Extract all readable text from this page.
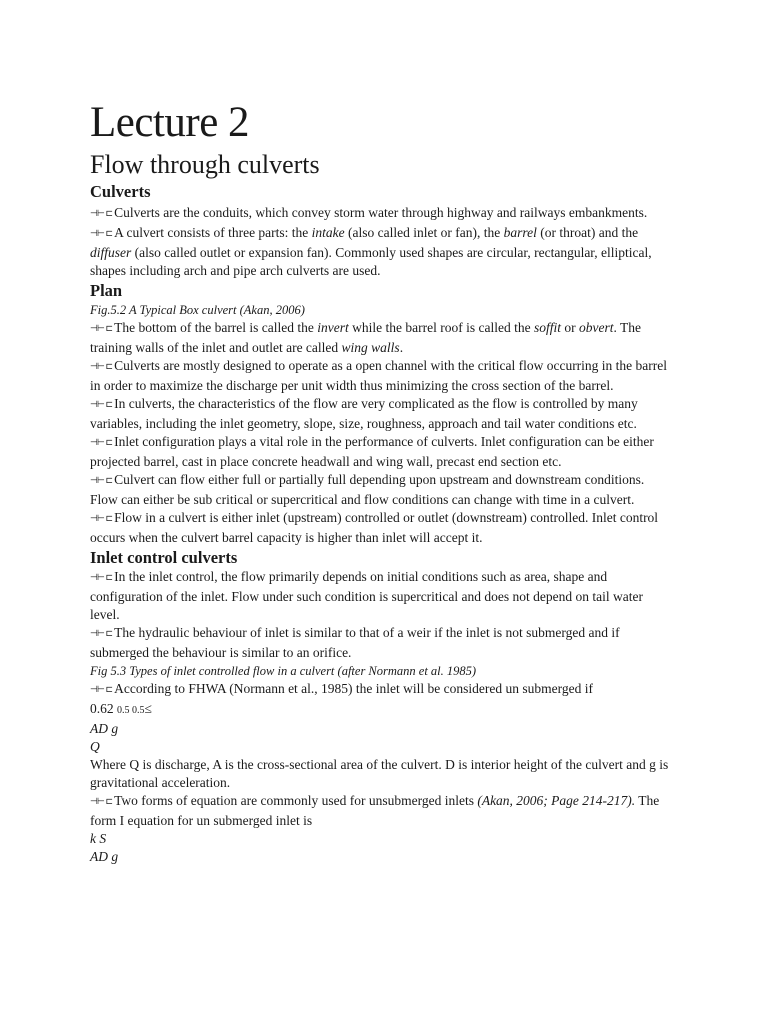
Lecture 2
Flow through culverts
Culverts

⊣⊢ ⊏ Culverts are the conduits, which convey storm water through highway and railways embankments.

⊣⊢ ⊏ A culvert consists of three parts: the intake (also called inlet or fan), the barrel (or throat) and the diffuser (also called outlet or expansion fan). Commonly used shapes are circular, rectangular, elliptical, shapes including arch and pipe arch culverts are used.

Plan

Fig.5.2 A Typical Box culvert (Akan, 2006)

⊣⊢ ⊏ The bottom of the barrel is called the invert while the barrel roof is called the soffit or obvert. The training walls of the inlet and outlet are called wing walls.

⊣⊢ ⊏ Culverts are mostly designed to operate as a open channel with the critical flow occurring in the barrel in order to maximize the discharge per unit width thus minimizing the cross section of the barrel.

⊣⊢ ⊏ In culverts, the characteristics of the flow are very complicated as the flow is controlled by many variables, including the inlet geometry, slope, size, roughness, approach and tail water conditions etc.

⊣⊢ ⊏ Inlet configuration plays a vital role in the performance of culverts. Inlet configuration can be either projected barrel, cast in place concrete headwall and wing wall, precast end section etc.

⊣⊢ ⊏ Culvert can flow either full or partially full depending upon upstream and downstream conditions. Flow can either be sub critical or supercritical and flow conditions can change with time in a culvert.

⊣⊢ ⊏ Flow in a culvert is either inlet (upstream) controlled or outlet (downstream) controlled. Inlet control occurs when the culvert barrel capacity is higher than inlet will accept it.

Inlet control culverts

⊣⊢ ⊏ In the inlet control, the flow primarily depends on initial conditions such as area, shape and configuration of the inlet. Flow under such condition is supercritical and does not depend on tail water level.

⊣⊢ ⊏ The hydraulic behaviour of inlet is similar to that of a weir if the inlet is not submerged and if submerged the behaviour is similar to an orifice.

Fig 5.3 Types of inlet controlled flow in a culvert (after Normann et al. 1985)

⊣⊢ ⊏ According to FHWA (Normann et al., 1985) the inlet will be considered un submerged if

0.62 0.5 0.5≤

AD g

Q

Where Q is discharge, A is the cross-sectional area of the culvert. D is interior height of the culvert and g is gravitational acceleration.

⊣⊢ ⊏ Two forms of equation are commonly used for unsubmerged inlets (Akan, 2006; Page 214-217). The form I equation for un submerged inlet is

k S

AD g
